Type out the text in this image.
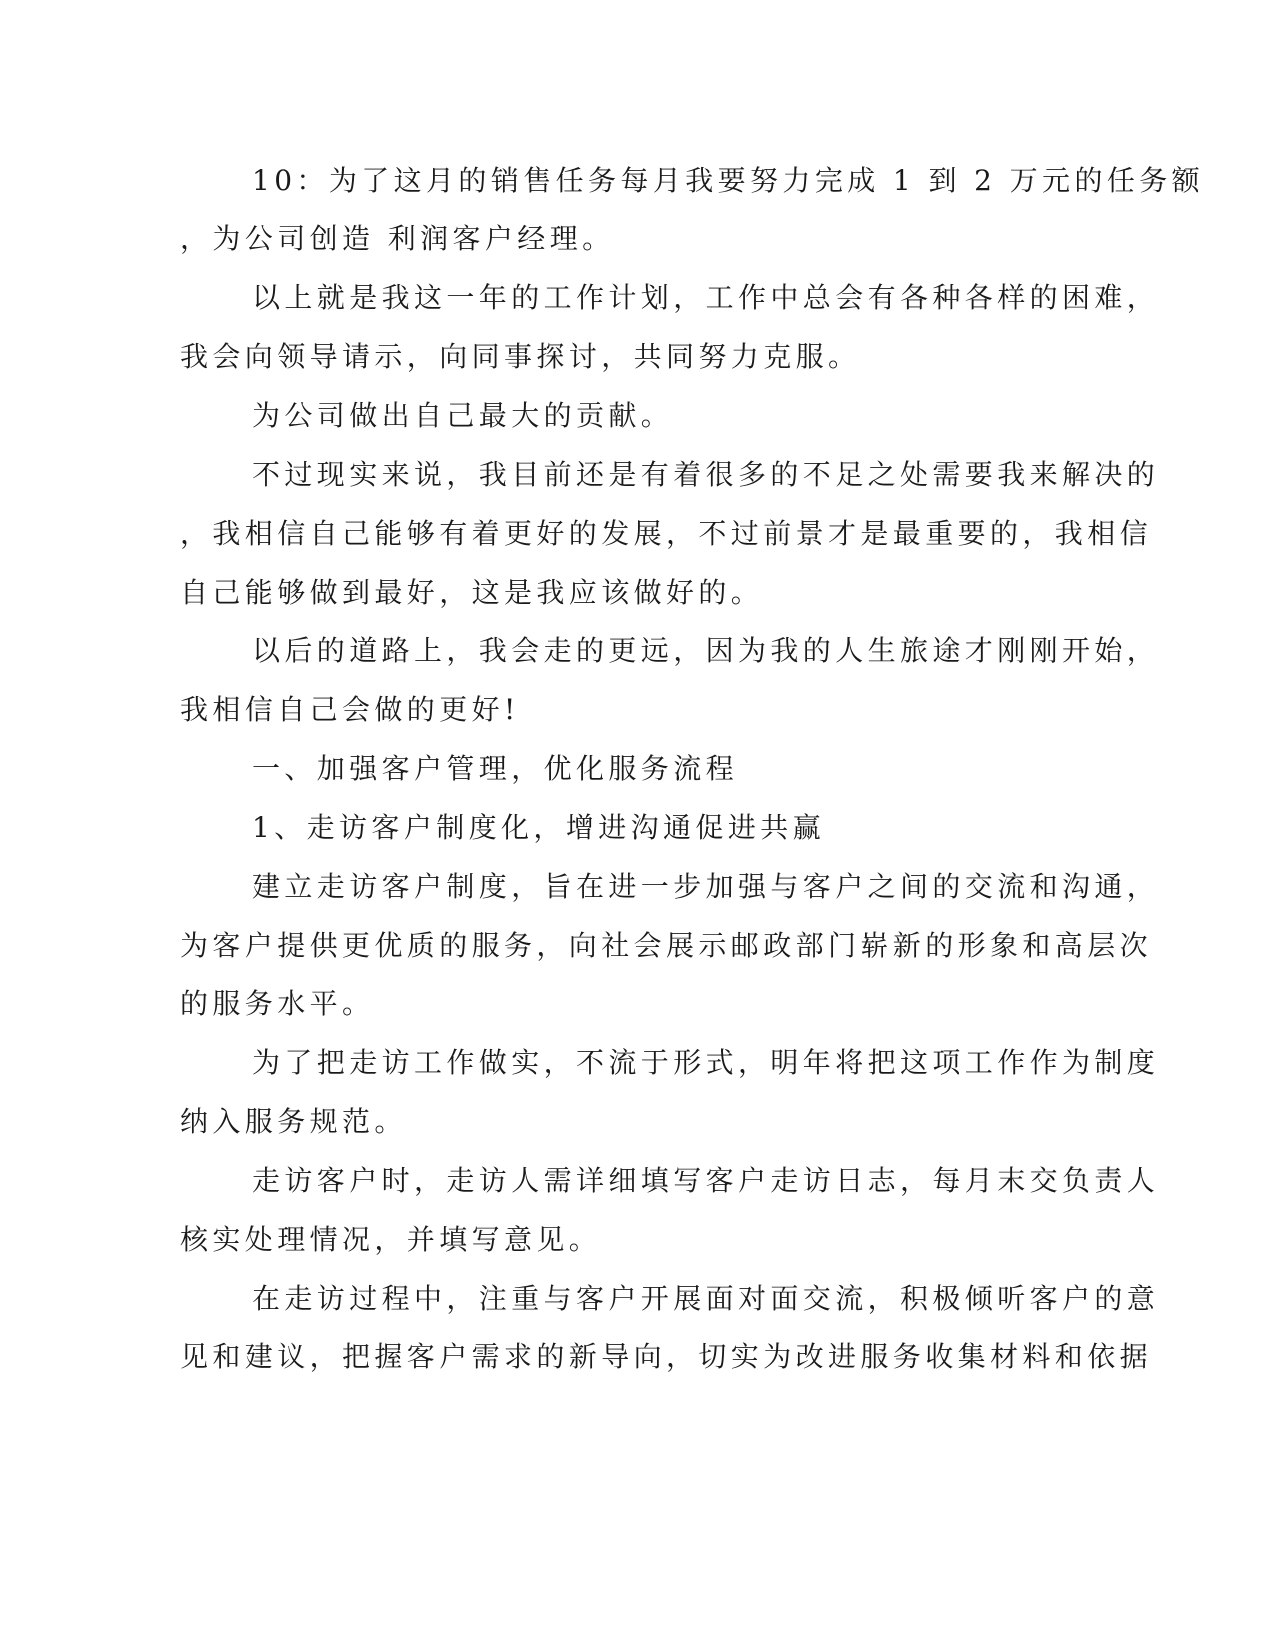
10：为了这月的销售任务每月我要努力完成 1 到 2 万元的任务额
，为公司创造 利润客户经理。
以上就是我这一年的工作计划，工作中总会有各种各样的困难，
我会向领导请示，向同事探讨，共同努力克服。
为公司做出自己最大的贡献。
不过现实来说，我目前还是有着很多的不足之处需要我来解决的
，我相信自己能够有着更好的发展，不过前景才是最重要的，我相信
自己能够做到最好，这是我应该做好的。
以后的道路上，我会走的更远，因为我的人生旅途才刚刚开始，
我相信自己会做的更好!
一、加强客户管理，优化服务流程
1、走访客户制度化，增进沟通促进共赢
建立走访客户制度，旨在进一步加强与客户之间的交流和沟通，
为客户提供更优质的服务，向社会展示邮政部门崭新的形象和高层次
的服务水平。
为了把走访工作做实，不流于形式，明年将把这项工作作为制度
纳入服务规范。
走访客户时，走访人需详细填写客户走访日志，每月末交负责人
核实处理情况，并填写意见。
在走访过程中，注重与客户开展面对面交流，积极倾听客户的意
见和建议，把握客户需求的新导向，切实为改进服务收集材料和依据
